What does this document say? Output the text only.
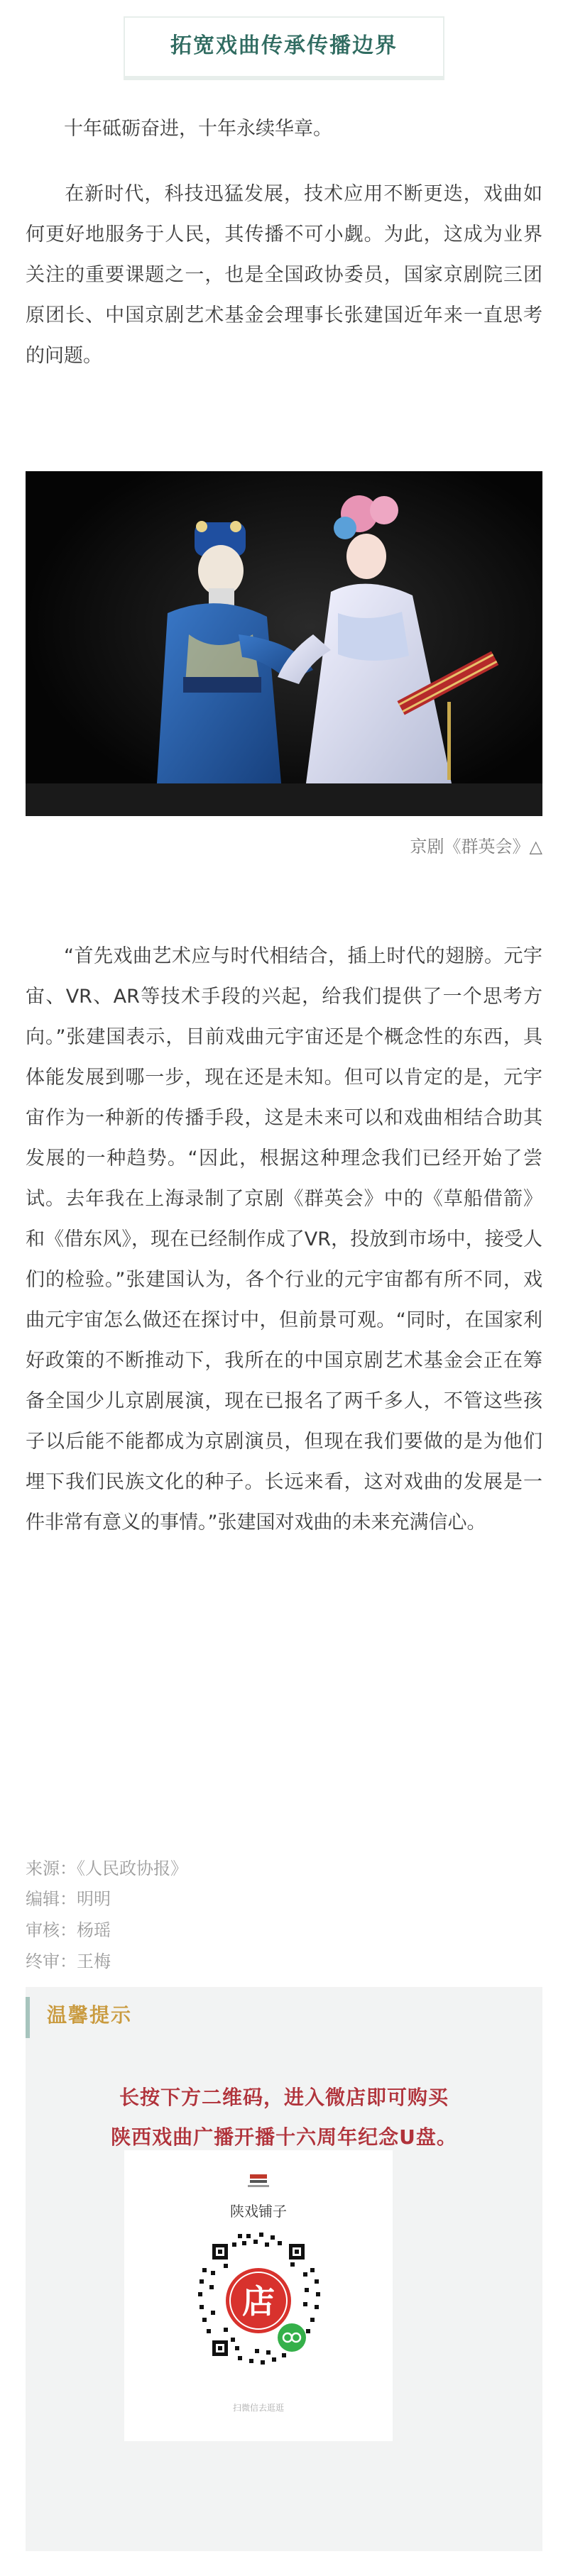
拓宽戏曲传承传播边界
十年砥砺奋进，十年永续华章。
在新时代，科技迅猛发展，技术应用不断更迭，戏曲如何更好地服务于人民，其传播不可小觑。为此，这成为业界关注的重要课题之一，也是全国政协委员，国家京剧院三团原团长、中国京剧艺术基金会理事长张建国近年来一直思考的问题。
京剧《群英会》△
“首先戏曲艺术应与时代相结合，插上时代的翅膀。元宇宙、VR、AR等技术手段的兴起，给我们提供了一个思考方向。”张建国表示，目前戏曲元宇宙还是个概念性的东西，具体能发展到哪一步，现在还是未知。但可以肯定的是，元宇宙作为一种新的传播手段，这是未来可以和戏曲相结合助其发展的一种趋势。“因此，根据这种理念我们已经开始了尝试。去年我在上海录制了京剧《群英会》中的《草船借箭》和《借东风》，现在已经制作成了VR，投放到市场中，接受人们的检验。”张建国认为，各个行业的元宇宙都有所不同，戏曲元宇宙怎么做还在探讨中，但前景可观。“同时，在国家利好政策的不断推动下，我所在的中国京剧艺术基金会正在筹备全国少儿京剧展演，现在已报名了两千多人，不管这些孩子以后能不能都成为京剧演员，但现在我们要做的是为他们埋下我们民族文化的种子。长远来看，这对戏曲的发展是一件非常有意义的事情。”张建国对戏曲的未来充满信心。
来源：《人民政协报》
编辑：明明
审核：杨瑶
终审：王梅
温馨提示
长按下方二维码，进入微店即可购买
陕西戏曲广播开播十六周年纪念U盘。
陕戏铺子
店
扫微信去逛逛
